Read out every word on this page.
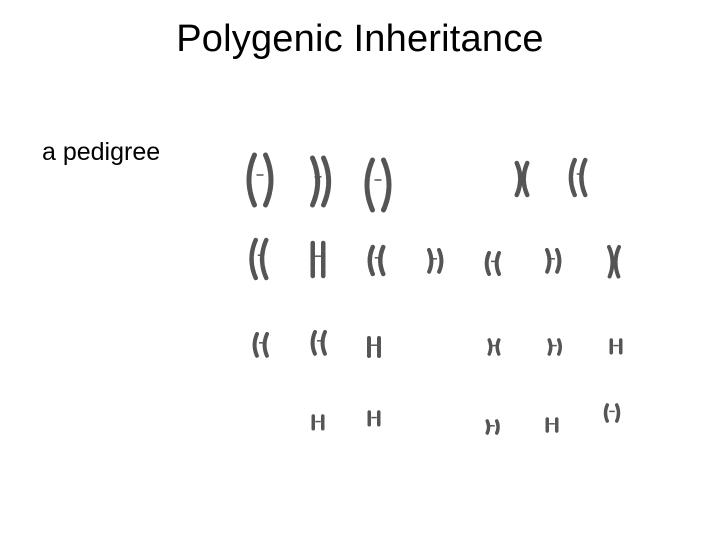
Polygenic Inheritance
a pedigree
